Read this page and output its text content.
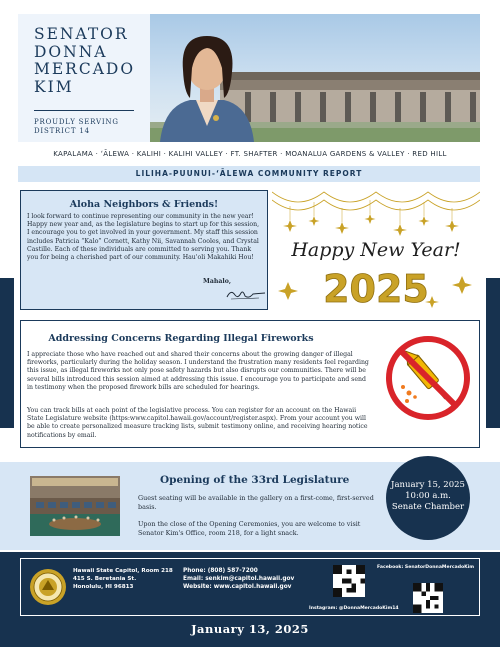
SENATOR
DONNA
MERCADO
KIM
PROUDLY SERVING
DISTRICT 14
KAPALAMA · ʻĀLEWA · KALIHI · KALIHI VALLEY · FT. SHAFTER · MOANALUA GARDENS & VALLEY · RED HILL
LILIHA-PUUNUI-ʻĀLEWA COMMUNITY REPORT
Aloha Neighbors & Friends!

I look forward to continue representing our community in the new year! Happy new year and, as the legislature begins to start up for this session, I encourage you to get involved in your government. My staff this session includes Patricia “Kalo” Cornett, Kathy Nii, Savannah Cooles, and Crystal Castille. Each of these individuals are committed to serving you. Thank you for being a cherished part of our community. Hau'oli Makahiki Hou!

Mahalo,
Happy New Year!
2025
Addressing Concerns Regarding Illegal Fireworks

I appreciate those who have reached out and shared their concerns about the growing danger of illegal fireworks, particularly during the holiday season. I understand the frustration many residents feel regarding this issue, as illegal fireworks not only pose safety hazards but also disrupts our communities. There will be several bills introduced this session aimed at addressing this issue. I encourage you to participate and send in testimony when the proposed firework bills are scheduled for hearings.

You can track bills at each point of the legislative process. You can register for an account on the Hawaii State Legislature website (https:www.capitol.hawaii.gov/account/register.aspx). From your account you will be able to create personalized measure tracking lists, submit testimony online, and receiving hearing notice notifications by email.

Opening of the 33rd Legislature

Guest seating will be available in the gallery on a first-come, first-served basis.

Upon the close of the Opening Ceremonies, you are welcome to visit Senator Kim's Office, room 218, for a light snack.

January 15, 2025
10:00 a.m.
Senate Chamber
Hawaii State Capitol, Room 218
415 S. Beretania St.
Honolulu, HI 96813
Phone: (808) 587-7200
Email: senkim@capitol.hawaii.gov
Website: www.capitol.hawaii.gov
Facebook: SenatorDonnaMercadoKim
Instagram: @DonnaMercadoKim14
January 13, 2025
